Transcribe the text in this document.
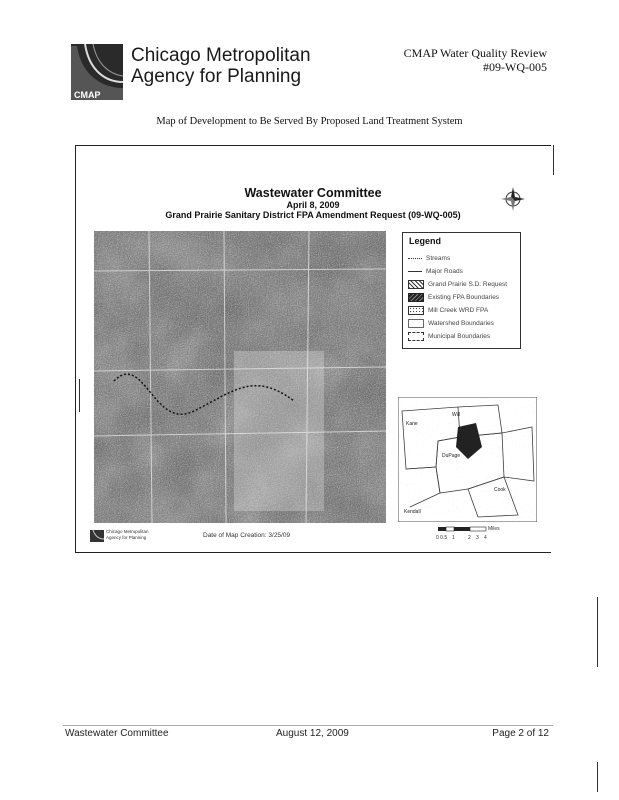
CMAP
Chicago Metropolitan
Agency for Planning
CMAP Water Quality Review
#09-WQ-005
Map of Development to Be Served By Proposed Land Treatment System
Wastewater Committee
April 8, 2009
Grand Prairie Sanitary District FPA Amendment Request (09-WQ-005)
Legend
Streams
Major Roads
Grand Prairie S.D. Request
Existing FPA Boundaries
Mill Creek WRD FPA
Watershed Boundaries
Municipal Boundaries
Will
Kane
DuPage
Kendall
Cook
Miles
0 0.5 1	2 3 4
Chicago Metropolitan Agency for Planning	Date of Map Creation: 3/25/09
Wastewater Committee	August 12, 2009	Page 2 of 12
